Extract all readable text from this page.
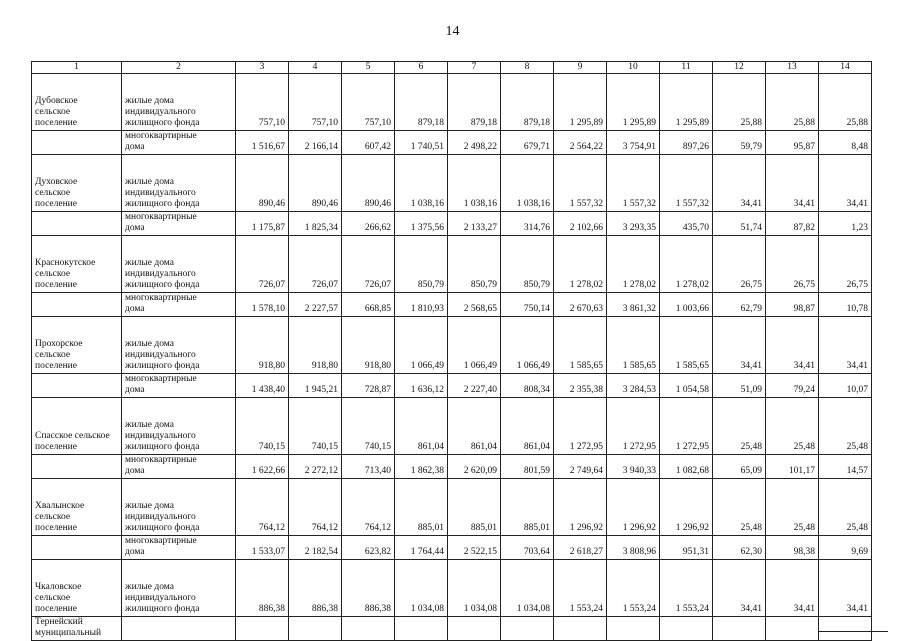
14
1	2	3	4	5	6	7	8	9	10	11	12	13	14

Дубовское
сельское
поселение	жилые дома
индивидуального
жилищного фонда	757,10	757,10	757,10	879,18	879,18	879,18	1 295,89	1 295,89	1 295,89	25,88	25,88	25,88

	многоквартирные
дома	1 516,67	2 166,14	607,42	1 740,51	2 498,22	679,71	2 564,22	3 754,91	897,26	59,79	95,87	8,48

Духовское
сельское
поселение	жилые дома
индивидуального
жилищного фонда	890,46	890,46	890,46	1 038,16	1 038,16	1 038,16	1 557,32	1 557,32	1 557,32	34,41	34,41	34,41

	многоквартирные
дома	1 175,87	1 825,34	266,62	1 375,56	2 133,27	314,76	2 102,66	3 293,35	435,70	51,74	87,82	1,23

Краснокутское
сельское
поселение	жилые дома
индивидуального
жилищного фонда	726,07	726,07	726,07	850,79	850,79	850,79	1 278,02	1 278,02	1 278,02	26,75	26,75	26,75

	многоквартирные
дома	1 578,10	2 227,57	668,85	1 810,93	2 568,65	750,14	2 670,63	3 861,32	1 003,66	62,79	98,87	10,78

Прохорское
сельское
поселение	жилые дома
индивидуального
жилищного фонда	918,80	918,80	918,80	1 066,49	1 066,49	1 066,49	1 585,65	1 585,65	1 585,65	34,41	34,41	34,41

	многоквартирные
дома	1 438,40	1 945,21	728,87	1 636,12	2 227,40	808,34	2 355,38	3 284,53	1 054,58	51,09	79,24	10,07

Спасское сельское
поселение	жилые дома
индивидуального
жилищного фонда	740,15	740,15	740,15	861,04	861,04	861,04	1 272,95	1 272,95	1 272,95	25,48	25,48	25,48

	многоквартирные
дома	1 622,66	2 272,12	713,40	1 862,38	2 620,09	801,59	2 749,64	3 940,33	1 082,68	65,09	101,17	14,57

Хвалынское
сельское
поселение	жилые дома
индивидуального
жилищного фонда	764,12	764,12	764,12	885,01	885,01	885,01	1 296,92	1 296,92	1 296,92	25,48	25,48	25,48

	многоквартирные
дома	1 533,07	2 182,54	623,82	1 764,44	2 522,15	703,64	2 618,27	3 808,96	951,31	62,30	98,38	9,69

Чкаловское
сельское
поселение	жилые дома
индивидуального
жилищного фонда	886,38	886,38	886,38	1 034,08	1 034,08	1 034,08	1 553,24	1 553,24	1 553,24	34,41	34,41	34,41

Тернейский
муниципальный													
